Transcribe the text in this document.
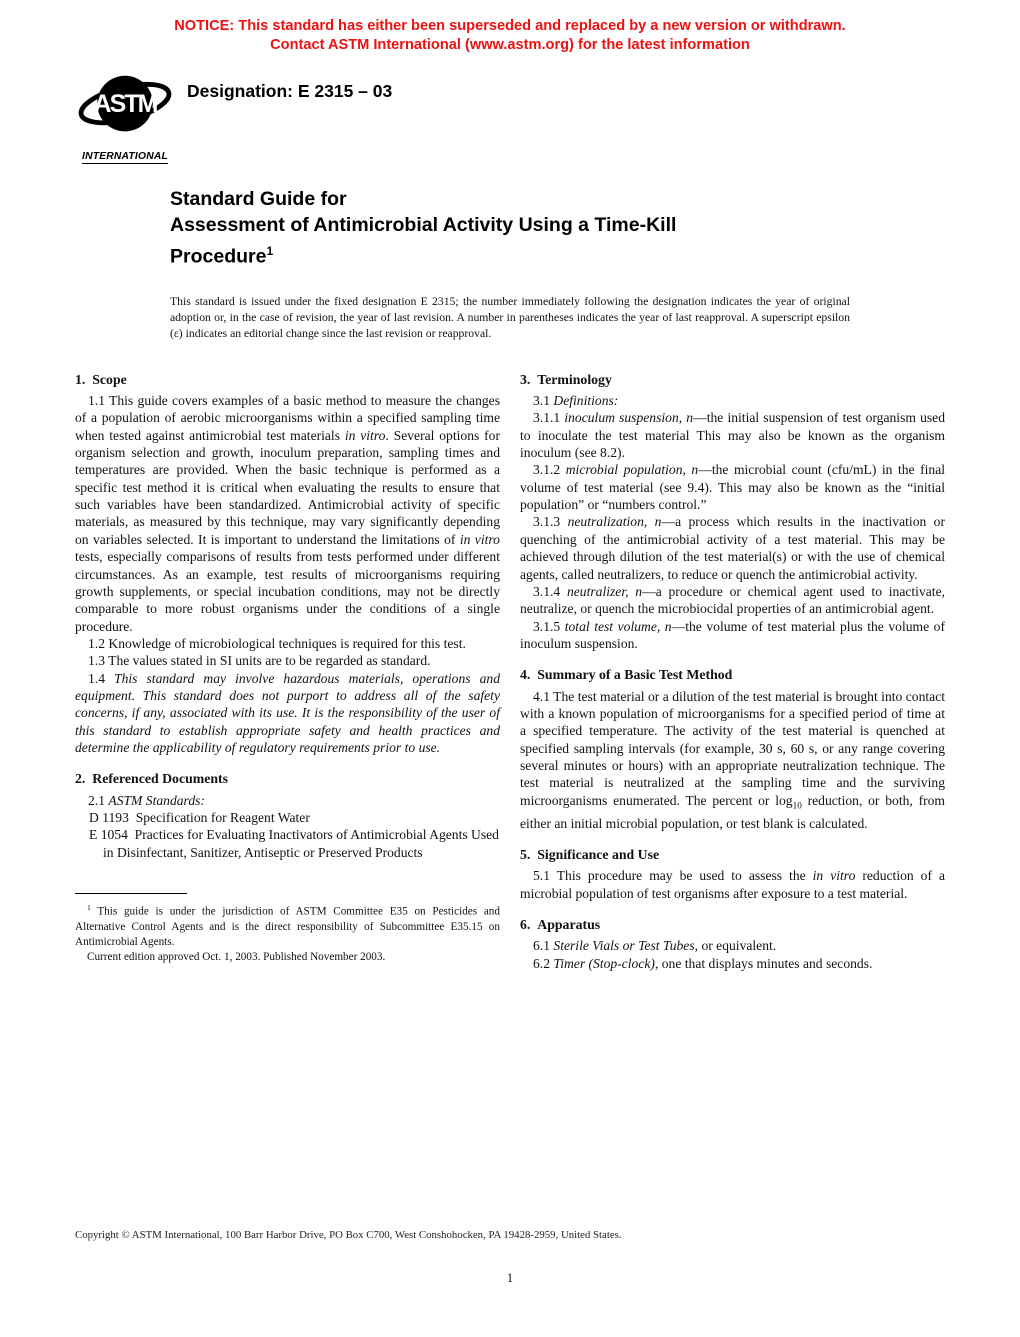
NOTICE: This standard has either been superseded and replaced by a new version or withdrawn.
Contact ASTM International (www.astm.org) for the latest information
ASTM
INTERNATIONAL
Designation: E 2315 – 03
Standard Guide for
Assessment of Antimicrobial Activity Using a Time-Kill
Procedure$^1$
This standard is issued under the fixed designation E 2315; the number immediately following the designation indicates the year of original adoption or, in the case of revision, the year of last revision. A number in parentheses indicates the year of last reapproval. A superscript epsilon (ε) indicates an editorial change since the last revision or reapproval.
1.  Scope

1.1 This guide covers examples of a basic method to measure the changes of a population of aerobic microorganisms within a specified sampling time when tested against antimicrobial test materials in vitro. Several options for organism selection and growth, inoculum preparation, sampling times and temperatures are provided. When the basic technique is performed as a specific test method it is critical when evaluating the results to ensure that such variables have been standardized. Antimicrobial activity of specific materials, as measured by this technique, may vary significantly depending on variables selected. It is important to understand the limitations of in vitro tests, especially comparisons of results from tests performed under different circumstances. As an example, test results of microorganisms requiring growth supplements, or special incubation conditions, may not be directly comparable to more robust organisms under the conditions of a single procedure.

1.2 Knowledge of microbiological techniques is required for this test.

1.3 The values stated in SI units are to be regarded as standard.

1.4 This standard may involve hazardous materials, operations and equipment. This standard does not purport to address all of the safety concerns, if any, associated with its use. It is the responsibility of the user of this standard to establish appropriate safety and health practices and determine the applicability of regulatory requirements prior to use.

2.  Referenced Documents

2.1 ASTM Standards:

D 1193  Specification for Reagent Water

E 1054  Practices for Evaluating Inactivators of Antimicrobial Agents Used in Disinfectant, Sanitizer, Antiseptic or Preserved Products

$^1$ This guide is under the jurisdiction of ASTM Committee E35 on Pesticides and Alternative Control Agents and is the direct responsibility of Subcommittee E35.15 on Antimicrobial Agents.

Current edition approved Oct. 1, 2003. Published November 2003.

3.  Terminology

3.1 Definitions:

3.1.1 inoculum suspension, n—the initial suspension of test organism used to inoculate the test material This may also be known as the organism inoculum (see 8.2).

3.1.2 microbial population, n—the microbial count (cfu/mL) in the final volume of test material (see 9.4). This may also be known as the “initial population” or “numbers control.”

3.1.3 neutralization, n—a process which results in the inactivation or quenching of the antimicrobial activity of a test material. This may be achieved through dilution of the test material(s) or with the use of chemical agents, called neutralizers, to reduce or quench the antimicrobial activity.

3.1.4 neutralizer, n—a procedure or chemical agent used to inactivate, neutralize, or quench the microbiocidal properties of an antimicrobial agent.

3.1.5 total test volume, n—the volume of test material plus the volume of inoculum suspension.

4.  Summary of a Basic Test Method

4.1 The test material or a dilution of the test material is brought into contact with a known population of microorganisms for a specified period of time at a specified temperature. The activity of the test material is quenched at specified sampling intervals (for example, 30 s, 60 s, or any range covering several minutes or hours) with an appropriate neutralization technique. The test material is neutralized at the sampling time and the surviving microorganisms enumerated. The percent or $\log_{10}$ reduction, or both, from either an initial microbial population, or test blank is calculated.

5.  Significance and Use

5.1 This procedure may be used to assess the in vitro reduction of a microbial population of test organisms after exposure to a test material.

6.  Apparatus

6.1 Sterile Vials or Test Tubes, or equivalent.

6.2 Timer (Stop-clock), one that displays minutes and seconds.

Copyright © ASTM International, 100 Barr Harbor Drive, PO Box C700, West Conshohocken, PA 19428-2959, United States.
1
